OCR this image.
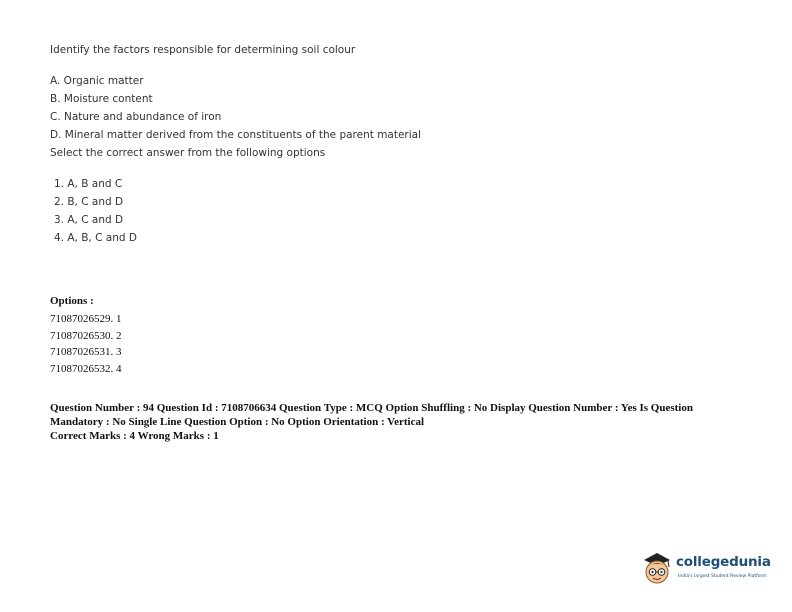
Identify the factors responsible for determining soil colour
A. Organic matter
B. Moisture content
C. Nature and abundance of iron
D. Mineral matter derived from the constituents of the parent material
Select the correct answer from the following options
1. A, B and C
2. B, C and D
3. A, C and D
4. A, B, C and D
Options :
71087026529. 1
71087026530. 2
71087026531. 3
71087026532. 4
Question Number : 94 Question Id : 7108706634 Question Type : MCQ Option Shuffling : No Display Question Number : Yes Is Question Mandatory : No Single Line Question Option : No Option Orientation : Vertical
Correct Marks : 4 Wrong Marks : 1
collegedunia
India's largest Student Review Platform
